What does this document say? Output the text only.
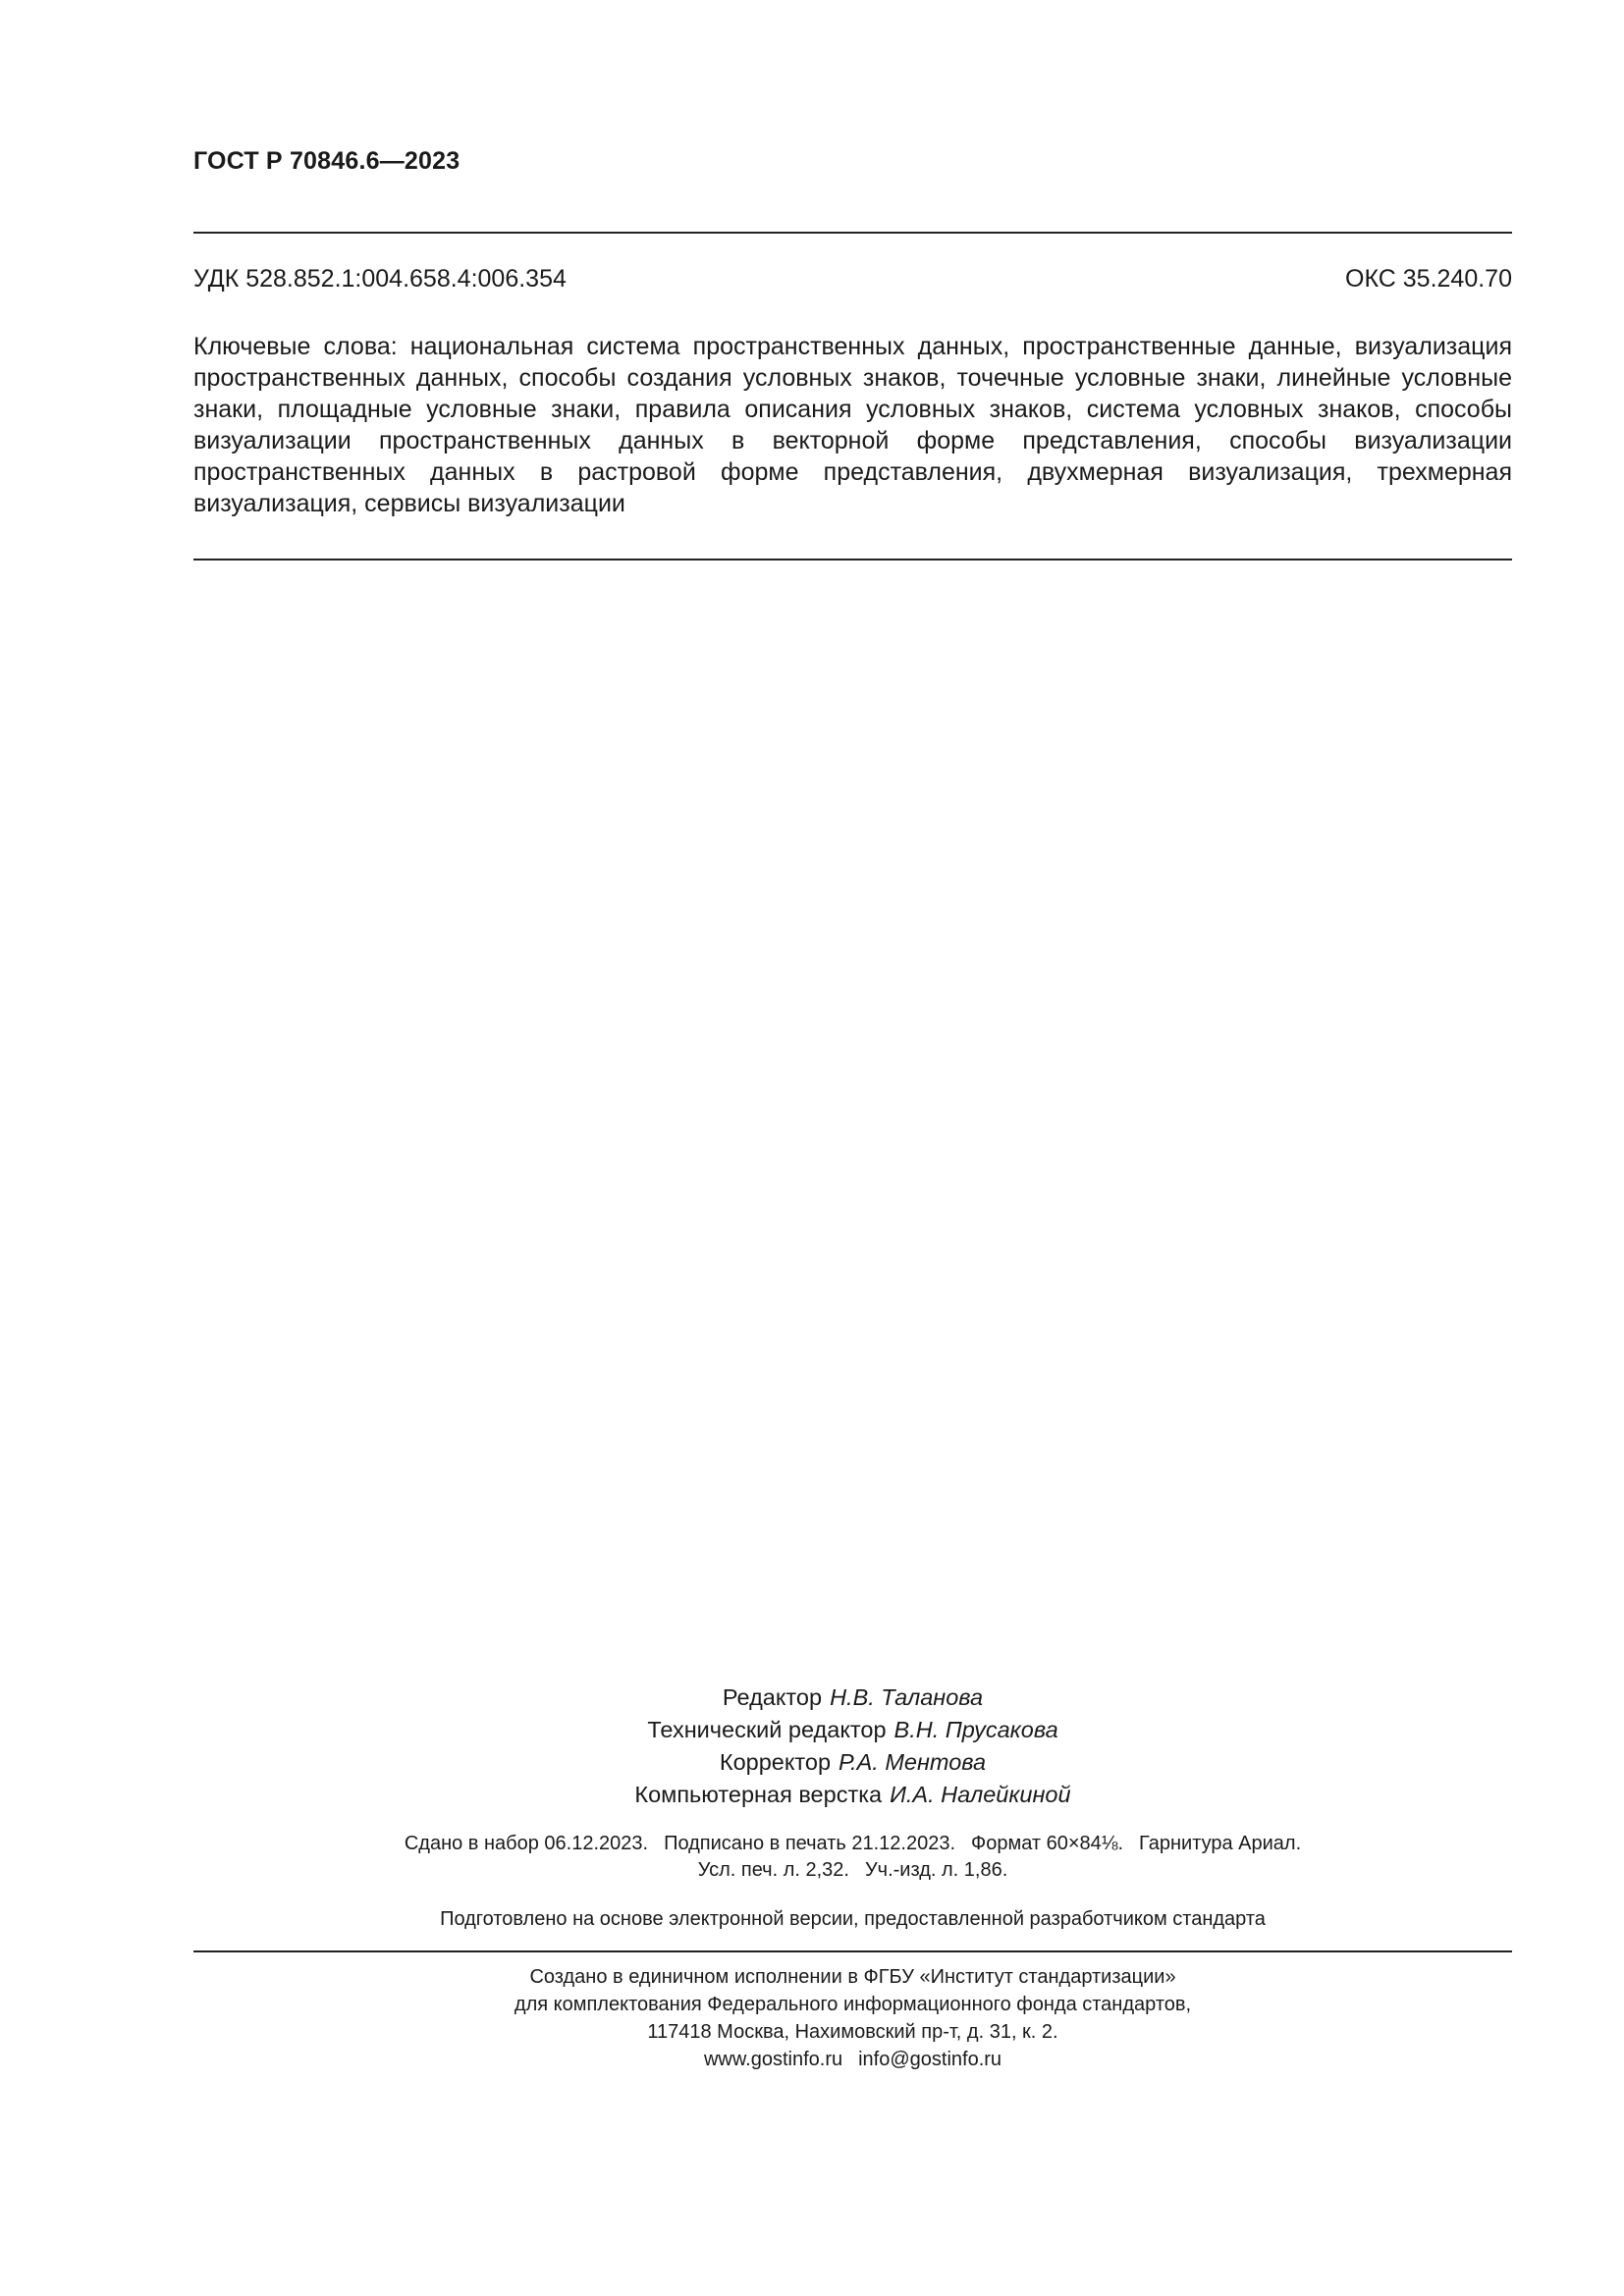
ГОСТ Р 70846.6—2023
УДК 528.852.1:004.658.4:006.354	ОКС 35.240.70

Ключевые слова: национальная система пространственных данных, пространственные данные, визуализация пространственных данных, способы создания условных знаков, точечные условные знаки, линейные условные знаки, площадные условные знаки, правила описания условных знаков, система условных знаков, способы визуализации пространственных данных в векторной форме представления, способы визуализации пространственных данных в растровой форме представления, двухмерная визуализация, трехмерная визуализация, сервисы визуализации

Редактор Н.В. Таланова
Технический редактор В.Н. Прусакова
Корректор Р.А. Ментова
Компьютерная верстка И.А. Налейкиной
Сдано в набор 06.12.2023. Подписано в печать 21.12.2023. Формат 60×84⅛. Гарнитура Ариал.
Усл. печ. л. 2,32. Уч.-изд. л. 1,86.
Подготовлено на основе электронной версии, предоставленной разработчиком стандарта
Создано в единичном исполнении в ФГБУ «Институт стандартизации»
для комплектования Федерального информационного фонда стандартов,
117418 Москва, Нахимовский пр-т, д. 31, к. 2.
www.gostinfo.ru info@gostinfo.ru
